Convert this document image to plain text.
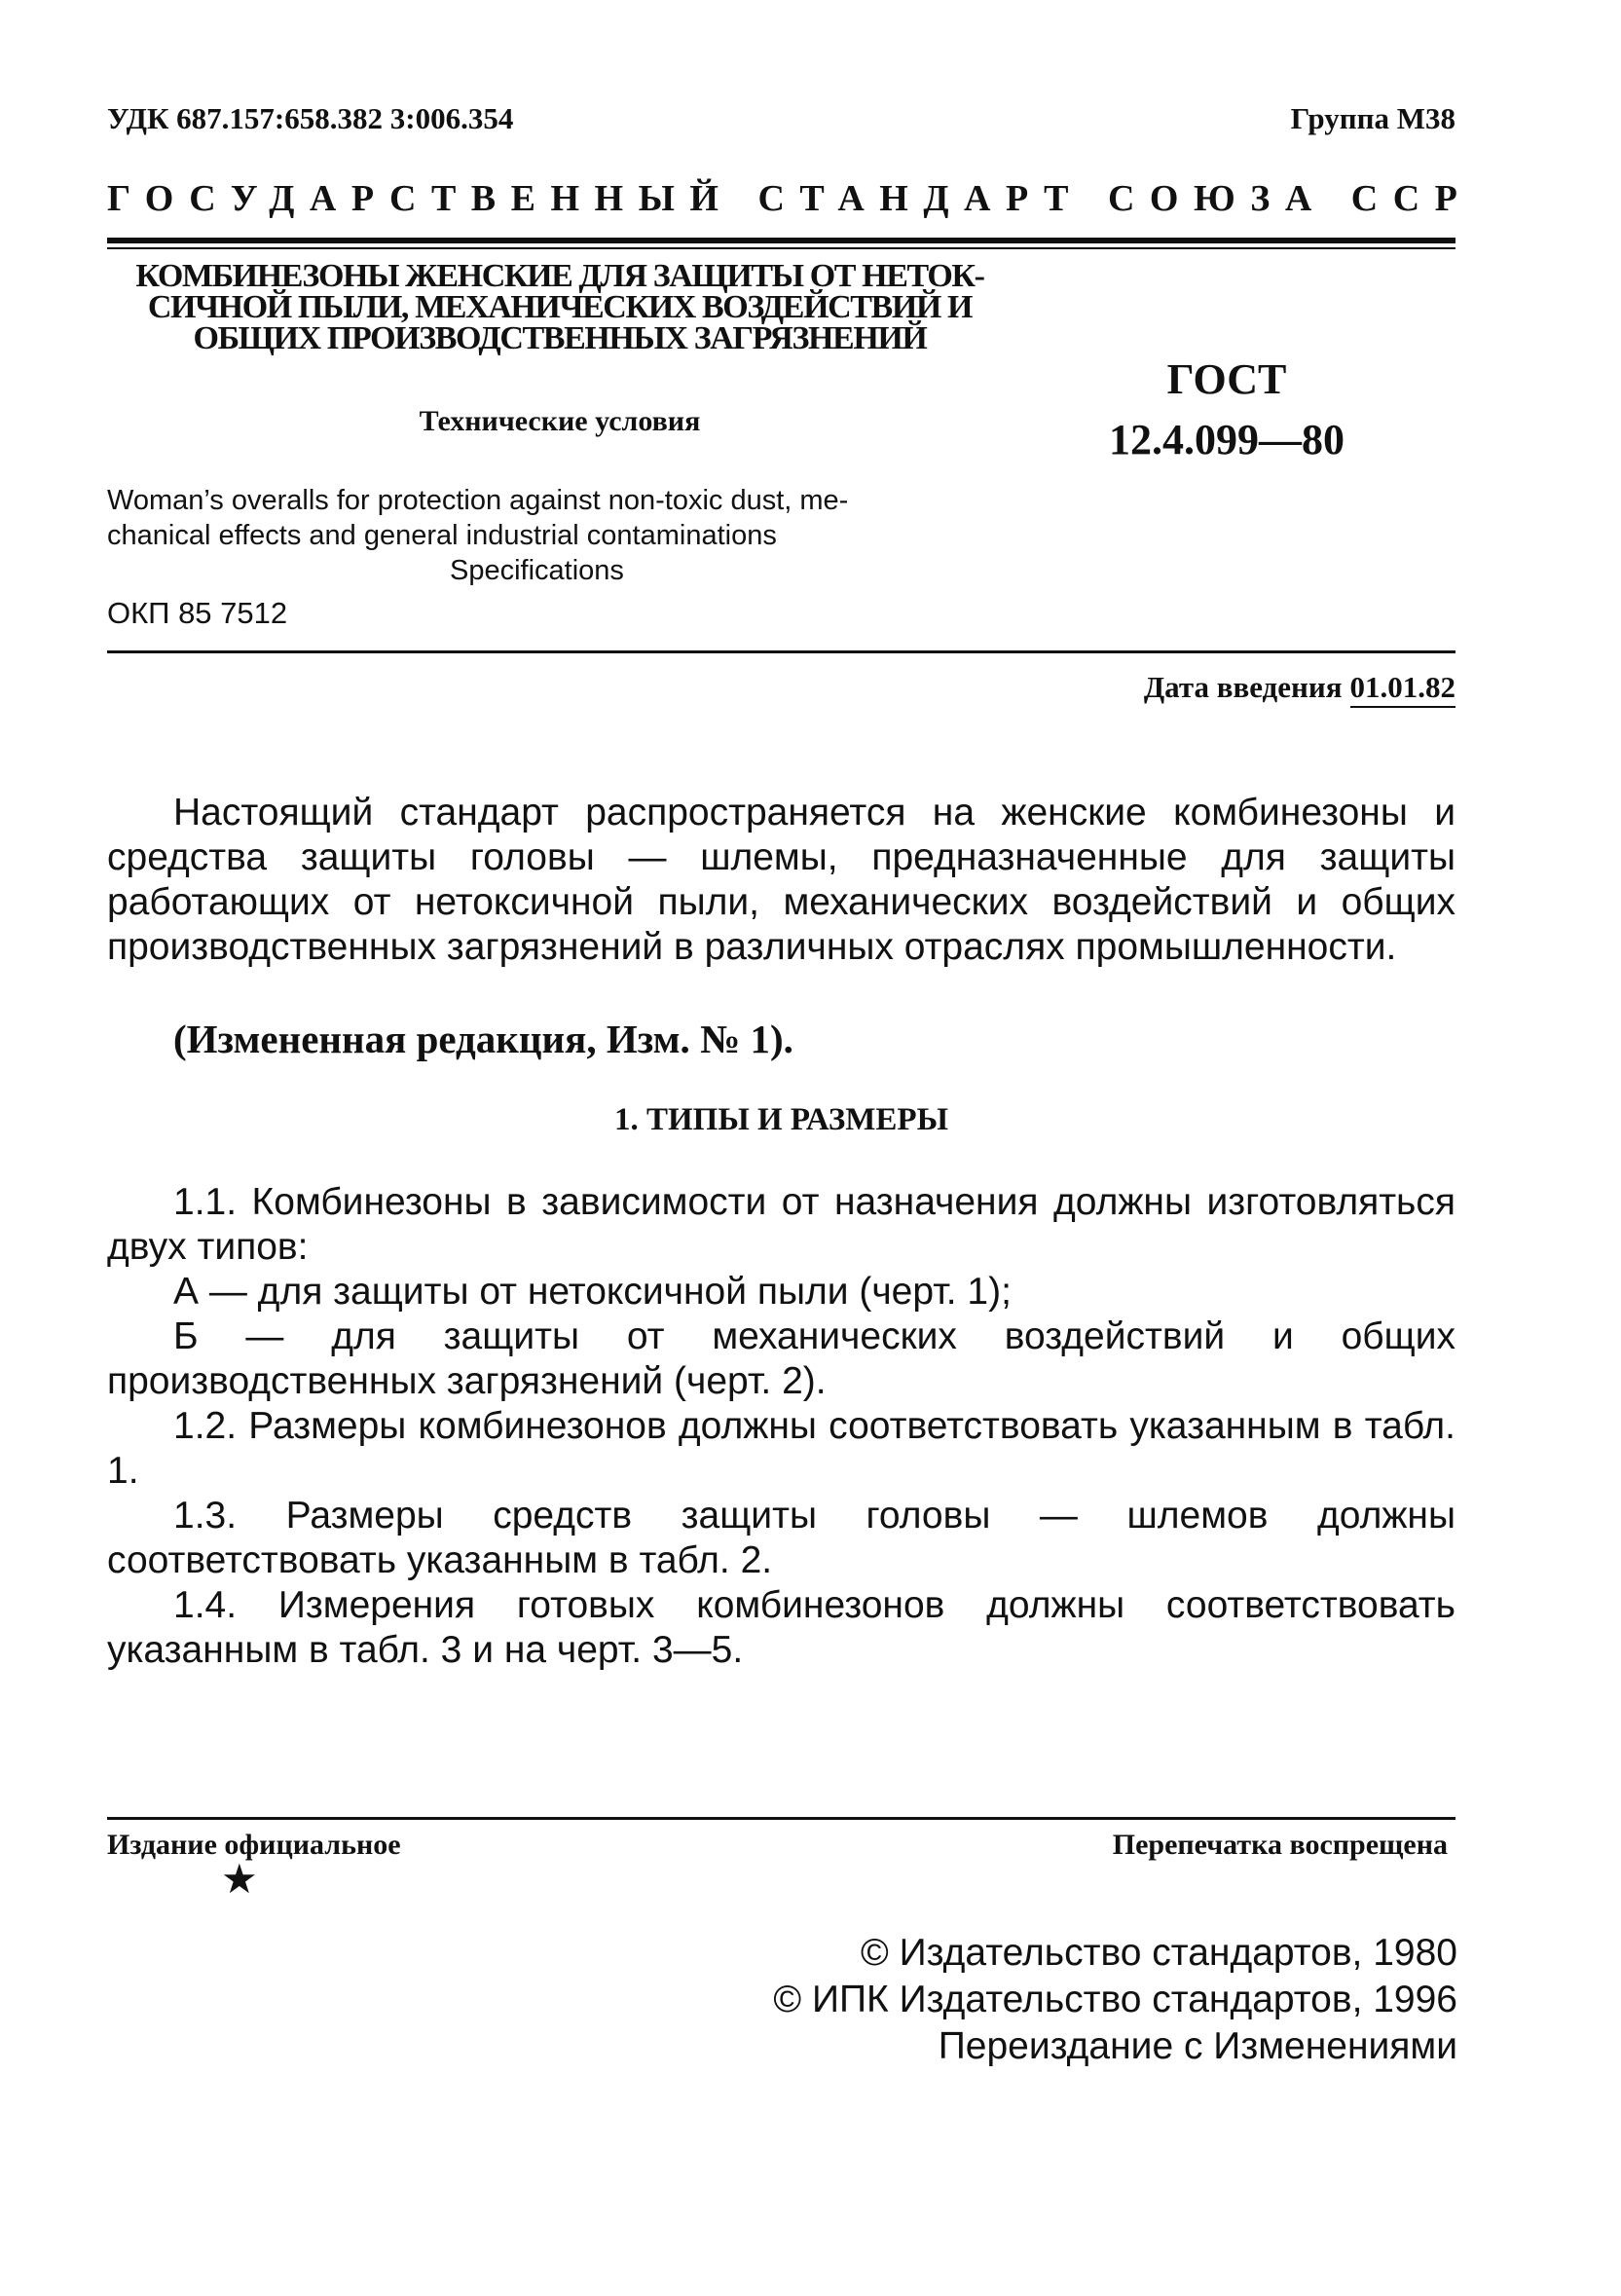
УДК 687.157:658.382 3:006.354	Группа М38
ГОСУДАРСТВЕННЫЙ СТАНДАРТ СОЮЗА ССР
КОМБИНЕЗОНЫ ЖЕНСКИЕ ДЛЯ ЗАЩИТЫ ОТ НЕТОК-
СИЧНОЙ ПЫЛИ, МЕХАНИЧЕСКИХ ВОЗДЕЙСТВИЙ И
ОБЩИХ ПРОИЗВОДСТВЕННЫХ ЗАГРЯЗНЕНИЙ
Технические условия
ГОСТ
12.4.099—80
Woman’s overalls for protection against non-toxic dust, me-
chanical effects and general industrial contaminations
Specifications
ОКП 85 7512
Дата введения 01.01.82
Настоящий стандарт распространяется на женские комбинезоны и средства защиты головы — шлемы, предназначенные для защиты работающих от нетоксичной пыли, механических воздействий и общих производственных загрязнений в различных отраслях промышленности.
(Измененная редакция, Изм. № 1).
1. ТИПЫ И РАЗМЕРЫ
1.1. Комбинезоны в зависимости от назначения должны изготовляться двух типов:
А — для защиты от нетоксичной пыли (черт. 1);
Б — для защиты от механических воздействий и общих производственных загрязнений (черт. 2).
1.2. Размеры комбинезонов должны соответствовать указанным в табл. 1.
1.3. Размеры средств защиты головы — шлемов должны соответствовать указанным в табл. 2.
1.4. Измерения готовых комбинезонов должны соответствовать указанным в табл. 3 и на черт. 3—5.
Издание официальное	Перепечатка воспрещена
★
© Издательство стандартов, 1980
© ИПК Издательство стандартов, 1996
Переиздание с Изменениями
